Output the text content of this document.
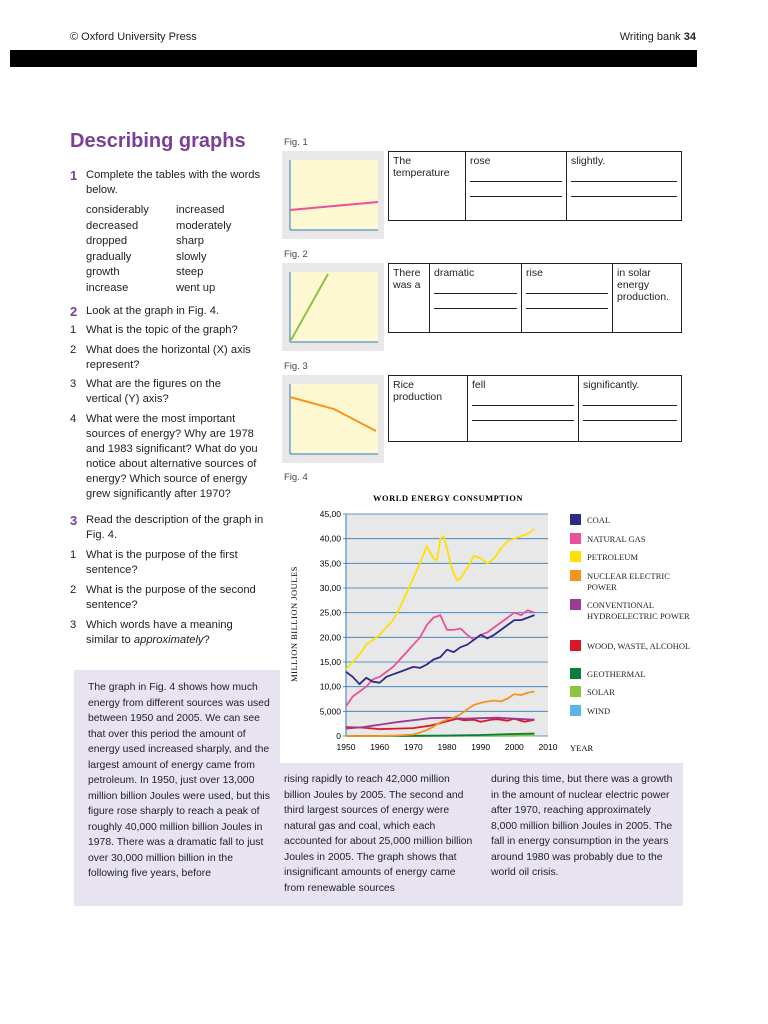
© Oxford University Press	Writing bank 34
Describing graphs
1 Complete the tables with the words below.
considerably
decreased
dropped
gradually
growth
increase
increased
moderately
sharp
slowly
steep
went up
2 Look at the graph in Fig. 4.
1 What is the topic of the graph?
2 What does the horizontal (X) axis represent?
3 What are the figures on the vertical (Y) axis?
4 What were the most important sources of energy? Why are 1978 and 1983 significant? What do you notice about alternative sources of energy? Which source of energy grew significantly after 1970?
3 Read the description of the graph in Fig. 4.
1 What is the purpose of the first sentence?
2 What is the purpose of the second sentence?
3 Which words have a meaning similar to approximately?
Fig. 1
The temperature	rose	slightly.
Fig. 2
There was a	dramatic	rise	in solar energy production.
Fig. 3
Rice production	fell	significantly.
Fig. 4
WORLD ENERGY CONSUMPTION
0
5,000
10,00
15,00
20,00
25,00
30,00
35,00
40,00
45,00
1950 1960 1970 1980 1990 2000 2010
MILLION BILLION JOULES
YEAR
COAL
NATURAL GAS
PETROLEUM
NUCLEAR ELECTRIC POWER
CONVENTIONAL HYDROELECTRIC POWER
WOOD, WASTE, ALCOHOL
GEOTHERMAL
SOLAR
WIND
The graph in Fig. 4 shows how much energy from different sources was used between 1950 and 2005. We can see that over this period the amount of energy used increased sharply, and the largest amount of energy came from petroleum. In 1950, just over 13,000 million billion Joules were used, but this figure rose sharply to reach a peak of roughly 40,000 million billion Joules in 1978. There was a dramatic fall to just over 30,000 million billion in the following five years, before
rising rapidly to reach 42,000 million billion Joules by 2005. The second and third largest sources of energy were natural gas and coal, which each accounted for about 25,000 million billion Joules in 2005. The graph shows that insignificant amounts of energy came from renewable sources
during this time, but there was a growth in the amount of nuclear electric power after 1970, reaching approximately 8,000 million billion Joules in 2005. The fall in energy consumption in the years around 1980 was probably due to the world oil crisis.
